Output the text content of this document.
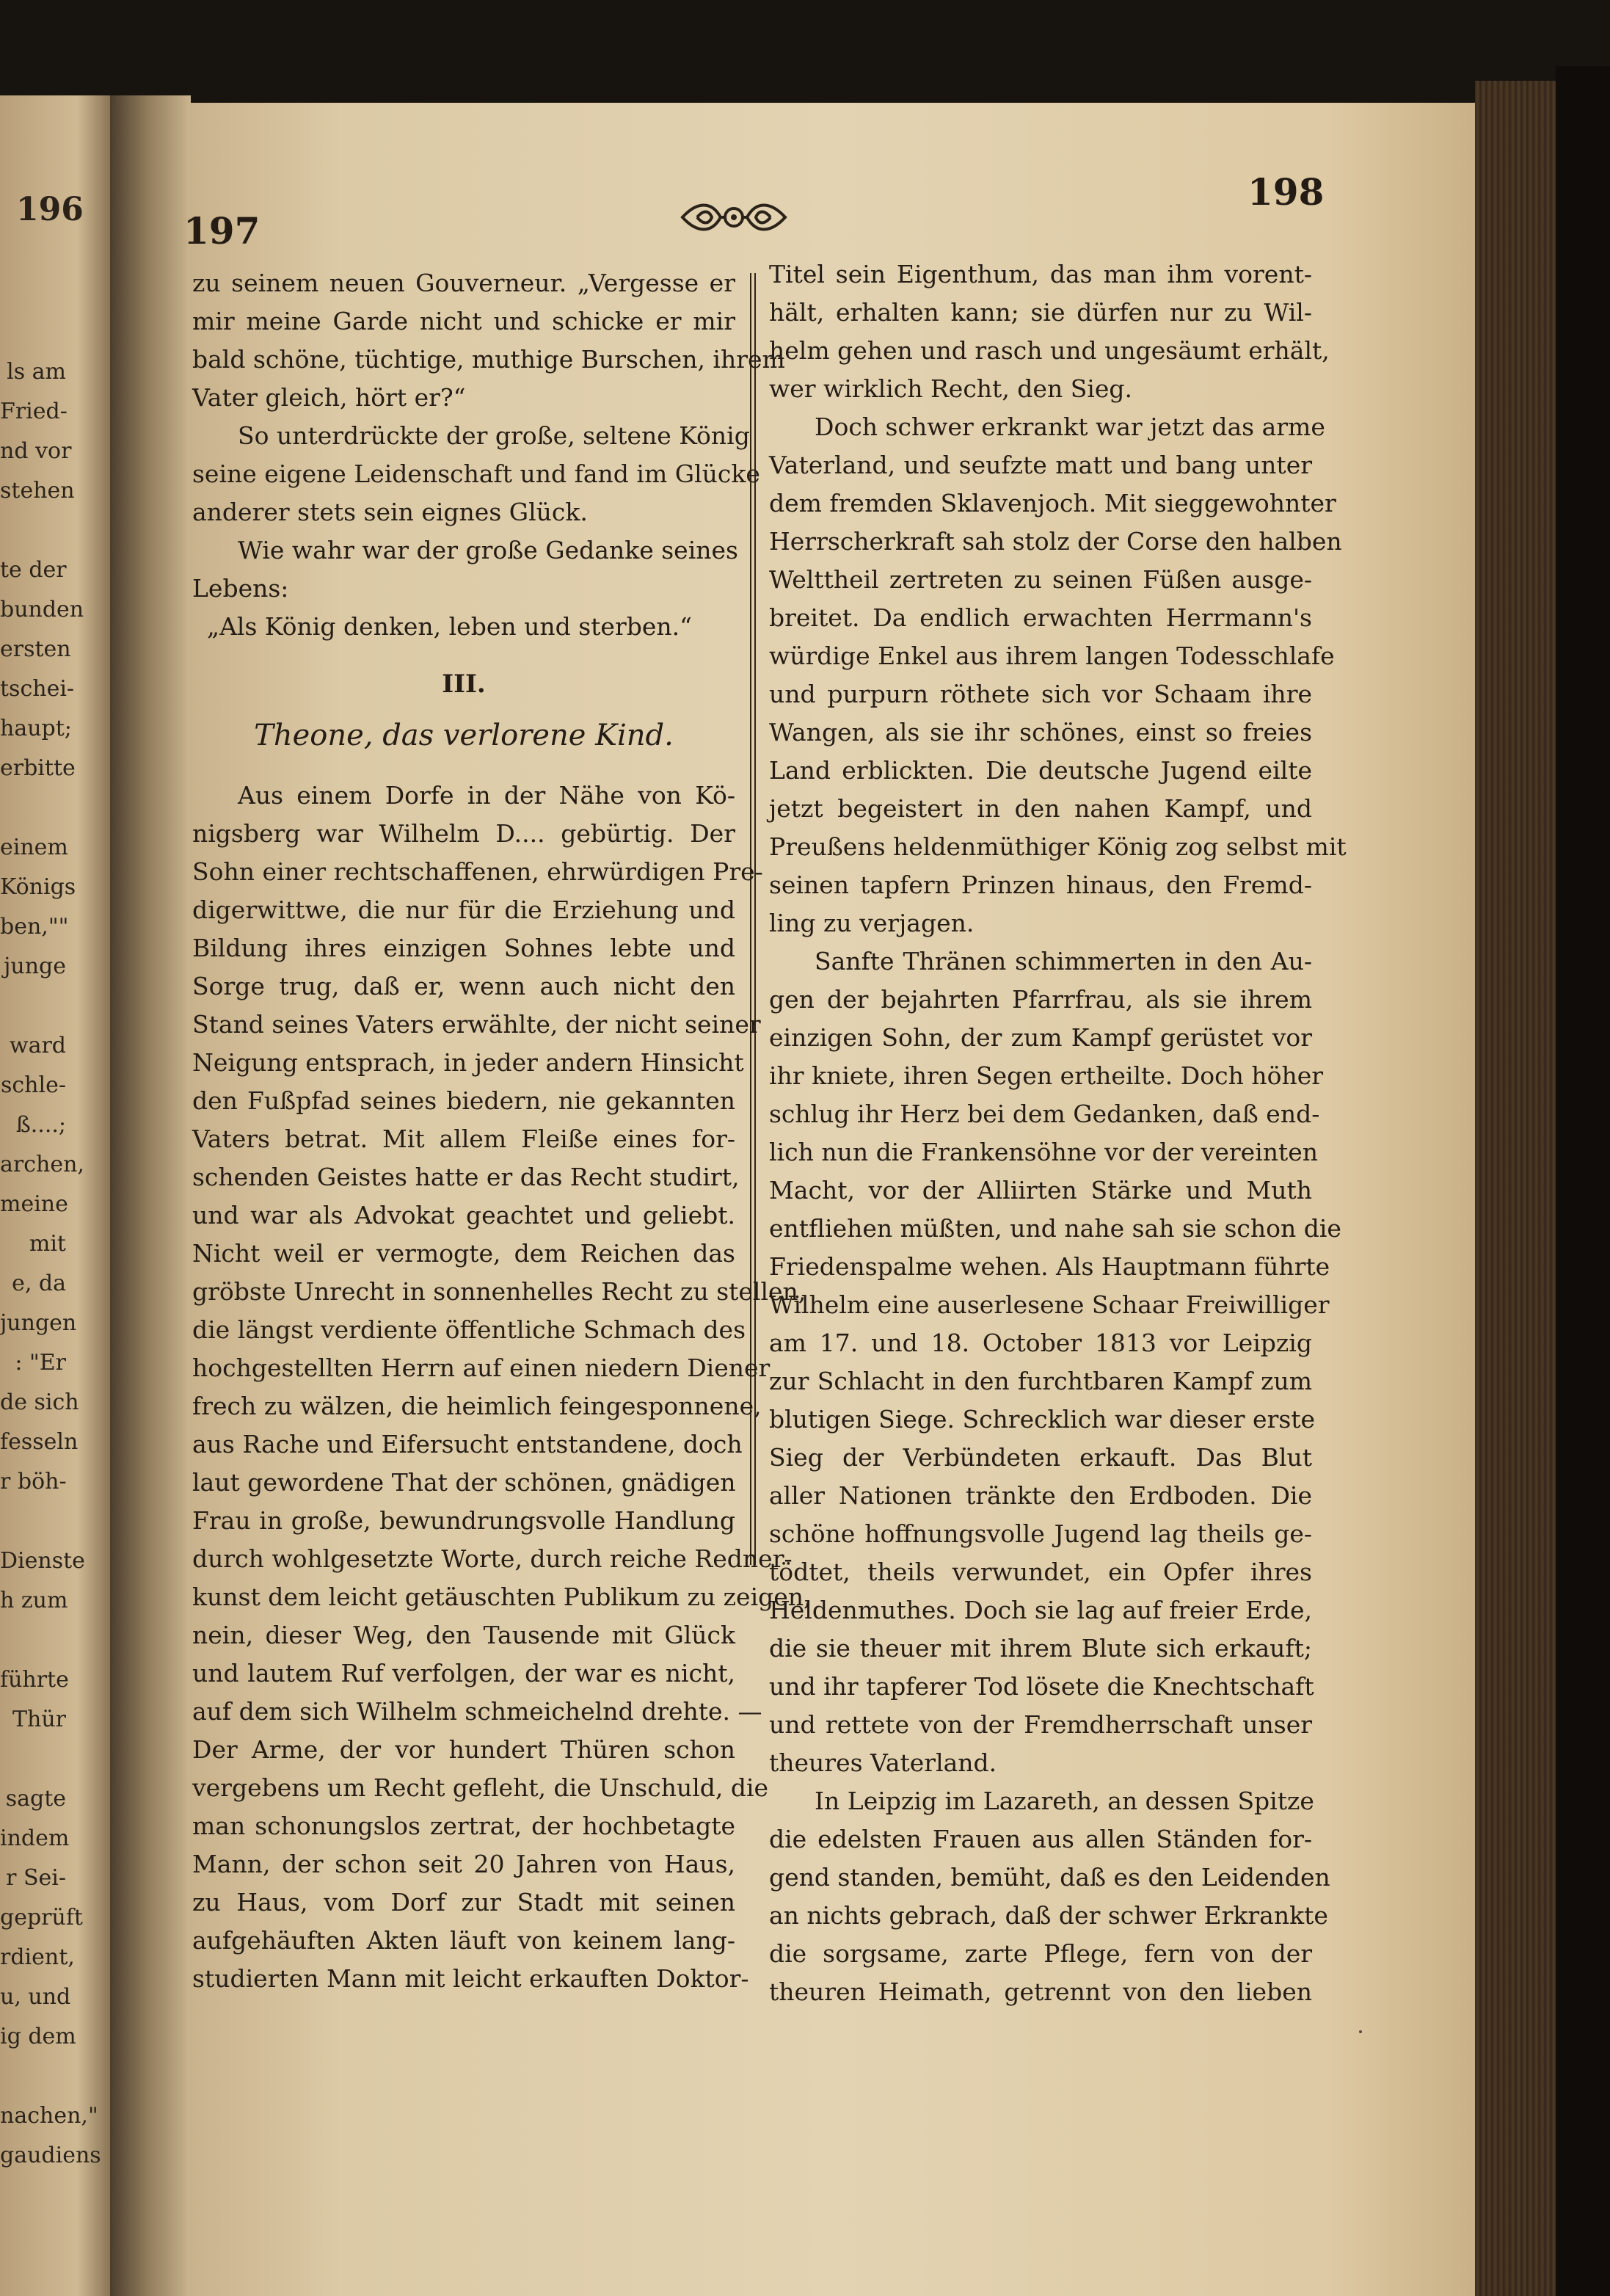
196
ls am
Fried-
nd vor
stehen

te der
bunden
ersten
tschei-
haupt;
erbitte

einem
Königs
ben,""
junge

ward
schle-
ß....;
archen,
meine
mit
e, da
jungen
: "Er
de sich
fesseln
r böh-

Dienste
h zum

führte
Thür

sagte
indem
r Sei-
geprüft
rdient,
u, und
ig dem

nachen,"
gaudiens
197
198
zu seinem neuen Gouverneur. „Vergesse er
mir meine Garde nicht und schicke er mir
bald schöne, tüchtige, muthige Burschen, ihrem
Vater gleich, hört er?“
So unterdrückte der große, seltene König
seine eigene Leidenschaft und fand im Glücke
anderer stets sein eignes Glück.
Wie wahr war der große Gedanke seines
Lebens:
„Als König denken, leben und sterben.“
III.
Theone, das verlorene Kind.
Aus einem Dorfe in der Nähe von Kö-
nigsberg war Wilhelm D.... gebürtig. Der
Sohn einer rechtschaffenen, ehrwürdigen Pre-
digerwittwe, die nur für die Erziehung und
Bildung ihres einzigen Sohnes lebte und
Sorge trug, daß er, wenn auch nicht den
Stand seines Vaters erwählte, der nicht seiner
Neigung entsprach, in jeder andern Hinsicht
den Fußpfad seines biedern, nie gekannten
Vaters betrat. Mit allem Fleiße eines for-
schenden Geistes hatte er das Recht studirt,
und war als Advokat geachtet und geliebt.
Nicht weil er vermogte, dem Reichen das
gröbste Unrecht in sonnenhelles Recht zu stellen,
die längst verdiente öffentliche Schmach des
hochgestellten Herrn auf einen niedern Diener
frech zu wälzen, die heimlich feingesponnene,
aus Rache und Eifersucht entstandene, doch
laut gewordene That der schönen, gnädigen
Frau in große, bewundrungsvolle Handlung
durch wohlgesetzte Worte, durch reiche Redner-
kunst dem leicht getäuschten Publikum zu zeigen,
nein, dieser Weg, den Tausende mit Glück
und lautem Ruf verfolgen, der war es nicht,
auf dem sich Wilhelm schmeichelnd drehte. —
Der Arme, der vor hundert Thüren schon
vergebens um Recht gefleht, die Unschuld, die
man schonungslos zertrat, der hochbetagte
Mann, der schon seit 20 Jahren von Haus,
zu Haus, vom Dorf zur Stadt mit seinen
aufgehäuften Akten läuft von keinem lang-
studierten Mann mit leicht erkauften Doktor-
Titel sein Eigenthum, das man ihm vorent-
hält, erhalten kann; sie dürfen nur zu Wil-
helm gehen und rasch und ungesäumt erhält,
wer wirklich Recht, den Sieg.
Doch schwer erkrankt war jetzt das arme
Vaterland, und seufzte matt und bang unter
dem fremden Sklavenjoch. Mit sieggewohnter
Herrscherkraft sah stolz der Corse den halben
Welttheil zertreten zu seinen Füßen ausge-
breitet. Da endlich erwachten Herrmann's
würdige Enkel aus ihrem langen Todesschlafe
und purpurn röthete sich vor Schaam ihre
Wangen, als sie ihr schönes, einst so freies
Land erblickten. Die deutsche Jugend eilte
jetzt begeistert in den nahen Kampf, und
Preußens heldenmüthiger König zog selbst mit
seinen tapfern Prinzen hinaus, den Fremd-
ling zu verjagen.
Sanfte Thränen schimmerten in den Au-
gen der bejahrten Pfarrfrau, als sie ihrem
einzigen Sohn, der zum Kampf gerüstet vor
ihr kniete, ihren Segen ertheilte. Doch höher
schlug ihr Herz bei dem Gedanken, daß end-
lich nun die Frankensöhne vor der vereinten
Macht, vor der Alliirten Stärke und Muth
entfliehen müßten, und nahe sah sie schon die
Friedenspalme wehen. Als Hauptmann führte
Wilhelm eine auserlesene Schaar Freiwilliger
am 17. und 18. October 1813 vor Leipzig
zur Schlacht in den furchtbaren Kampf zum
blutigen Siege. Schrecklich war dieser erste
Sieg der Verbündeten erkauft. Das Blut
aller Nationen tränkte den Erdboden. Die
schöne hoffnungsvolle Jugend lag theils ge-
tödtet, theils verwundet, ein Opfer ihres
Heldenmuthes. Doch sie lag auf freier Erde,
die sie theuer mit ihrem Blute sich erkauft;
und ihr tapferer Tod lösete die Knechtschaft
und rettete von der Fremdherrschaft unser
theures Vaterland.
In Leipzig im Lazareth, an dessen Spitze
die edelsten Frauen aus allen Ständen for-
gend standen, bemüht, daß es den Leidenden
an nichts gebrach, daß der schwer Erkrankte
die sorgsame, zarte Pflege, fern von der
theuren Heimath, getrennt von den lieben
